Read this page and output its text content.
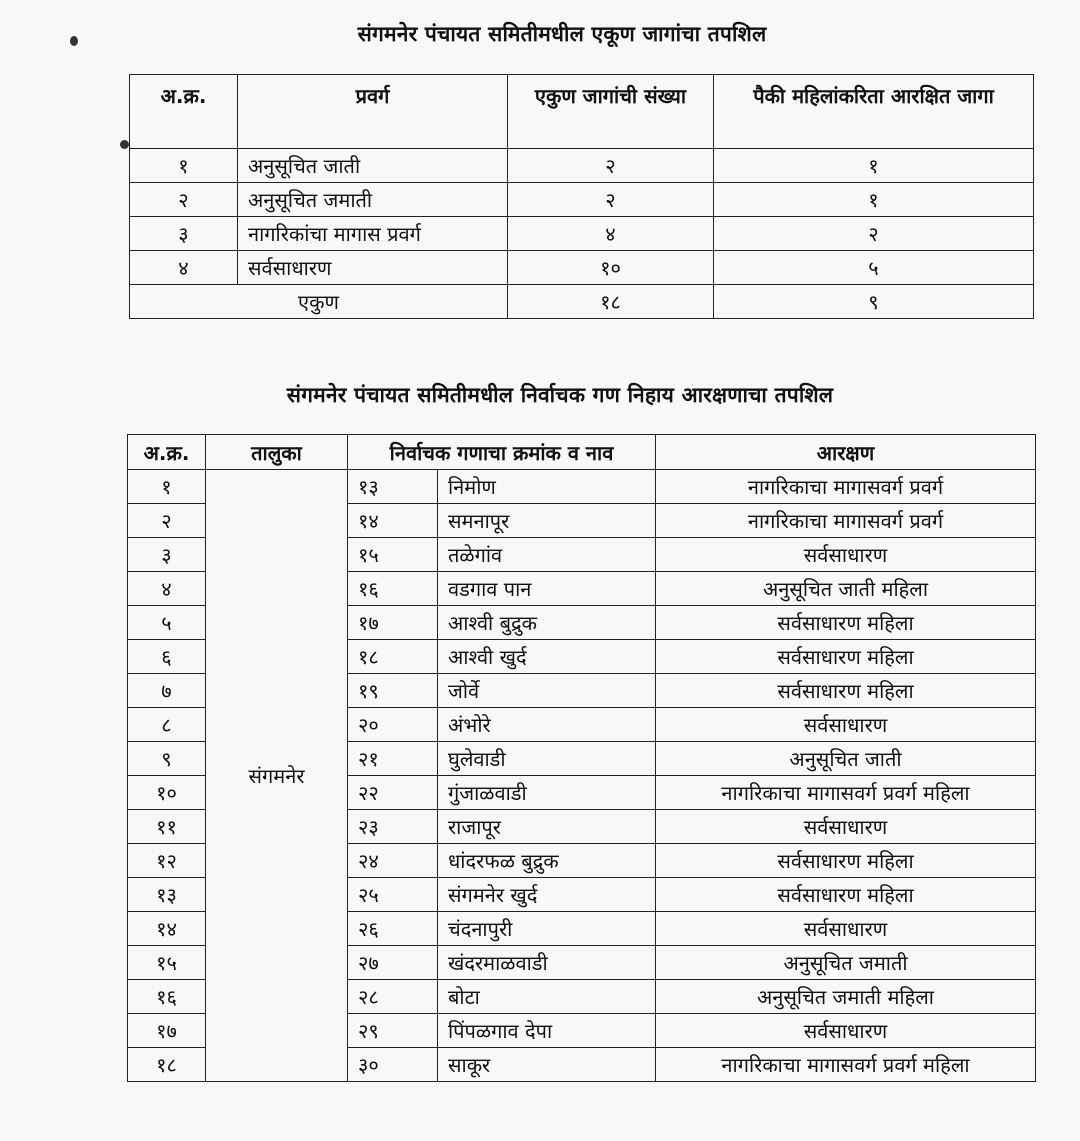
संगमनेर पंचायत समितीमधील एकूण जागांचा तपशिल
अ.क्र.	प्रवर्ग	एकुण जागांची संख्या	पैकी महिलांकरिता आरक्षित जागा
१	अनुसूचित जाती	२	१
२	अनुसूचित जमाती	२	१
३	नागरिकांचा मागास प्रवर्ग	४	२
४	सर्वसाधारण	१०	५
एकुण		१८	९
संगमनेर पंचायत समितीमधील निर्वाचक गण निहाय आरक्षणाचा तपशिल
अ.क्र.	तालुका	निर्वाचक गणाचा क्रमांक व नाव		आरक्षण
१	संगमनेर	१३	निमोण	नागरिकाचा मागासवर्ग प्रवर्ग
२		१४	समनापूर	नागरिकाचा मागासवर्ग प्रवर्ग
३		१५	तळेगांव	सर्वसाधारण
४		१६	वडगाव पान	अनुसूचित जाती महिला
५		१७	आश्वी बुद्रुक	सर्वसाधारण महिला
६		१८	आश्वी खुर्द	सर्वसाधारण महिला
७		१९	जोर्वे	सर्वसाधारण महिला
८		२०	अंभोरे	सर्वसाधारण
९		२१	घुलेवाडी	अनुसूचित जाती
१०		२२	गुंजाळवाडी	नागरिकाचा मागासवर्ग प्रवर्ग महिला
११		२३	राजापूर	सर्वसाधारण
१२		२४	धांदरफळ बुद्रुक	सर्वसाधारण महिला
१३		२५	संगमनेर खुर्द	सर्वसाधारण महिला
१४		२६	चंदनापुरी	सर्वसाधारण
१५		२७	खंदरमाळवाडी	अनुसूचित जमाती
१६		२८	बोटा	अनुसूचित जमाती महिला
१७		२९	पिंपळगाव देपा	सर्वसाधारण
१८		३०	साकूर	नागरिकाचा मागासवर्ग प्रवर्ग महिला
